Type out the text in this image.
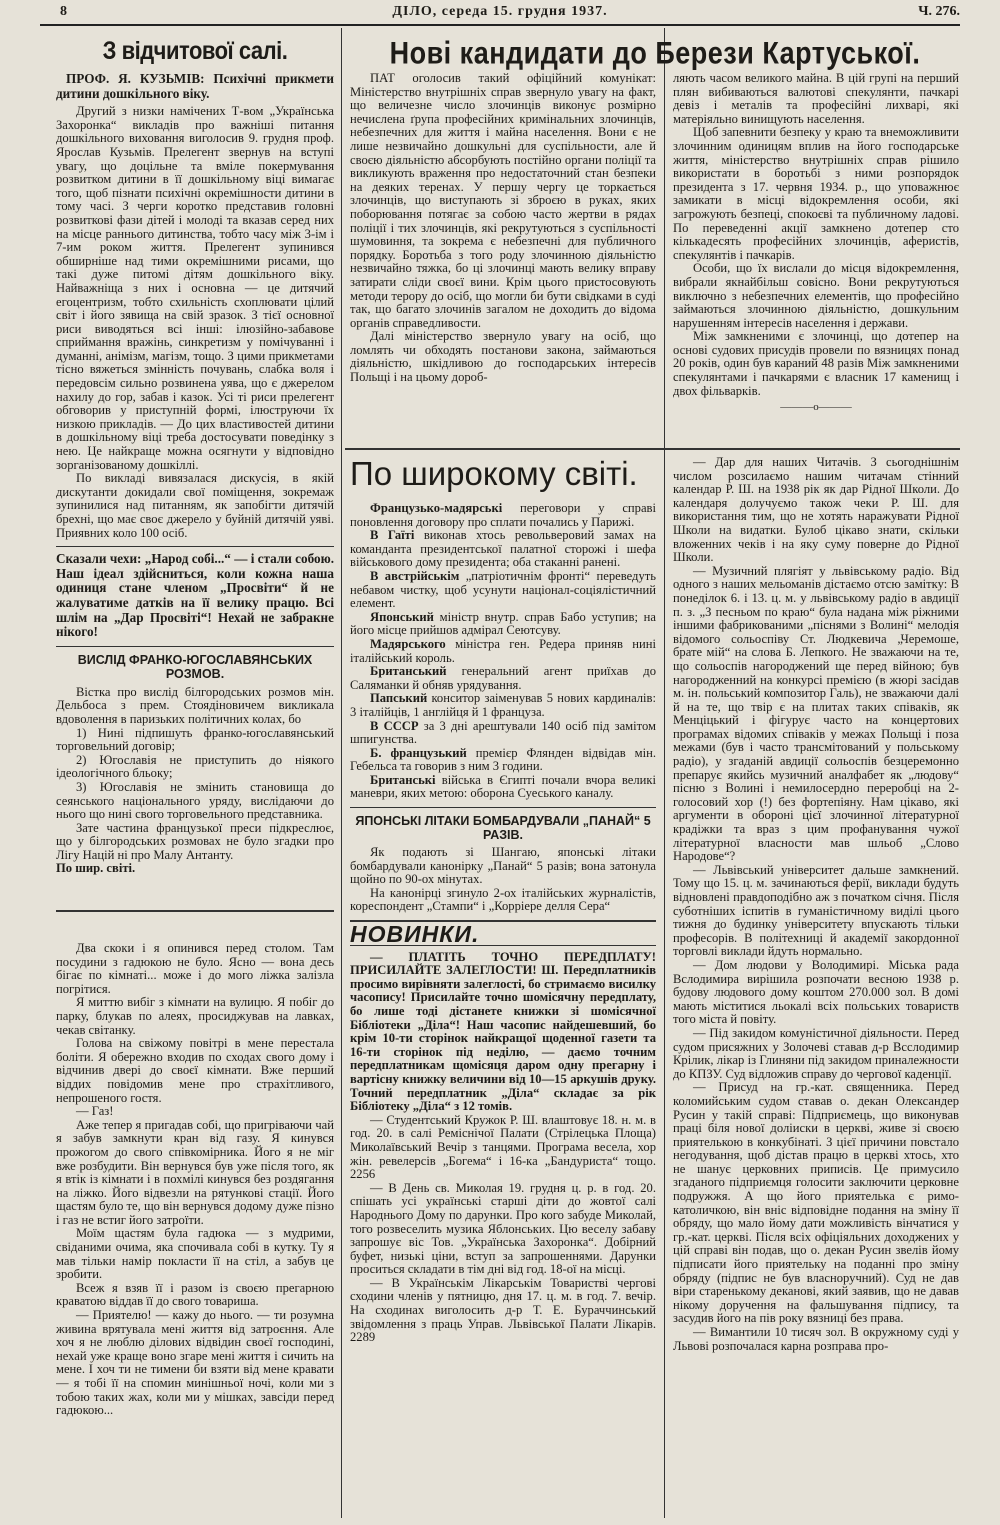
8	ДІЛО, середа 15. грудня 1937.	Ч. 276.
З відчитової салі.

ПРОФ. Я. КУЗЬМІВ: Психічні прикмети дитини дошкільного віку.

Другий з низки намічених Т-вом „Українська Захоронка“ викладів про важніші питання дошкільного виховання виголосив 9. грудня проф. Ярослав Кузьмів. Прелегент звернув на вступі увагу, що доцільне та вміле покермування розвитком дитини в її дошкільному віці вимагає того, щоб пізнати психічні окремішности дитини в тому часі. З черги коротко представив головні розвиткові фази дітей і молоді та вказав серед них на місце раннього дитинства, тобто часу між 3-ім і 7-им роком життя. Прелегент зупинився обширніше над тими окремішними рисами, що такі дуже питомі дітям дошкільного віку. Найважніща з них і основна — це дитячий егоцентризм, тобто схильність схоплювати цілий світ і його зявища на свій зразок. З тієї основної риси виводяться всі інші: ілюзійно-забавове сприймання вражінь, синкретизм у помічуванні і думанні, анімізм, магізм, тощо. З цими прикметами тісно вяжеться змінність почувань, слабка воля і передовсім сильно розвинена уява, що є джерелом нахилу до гор, забав і казок. Усі ті риси прелегент обговорив у приступній формі, ілюструючи їх низкою прикладів. — До цих властивостей дитини в дошкільному віці треба достосувати поведінку з нею. Це найкраще можна осягнути у відповідно зорганізованому дошкіллі.

По викладі вивязалася дискусія, в якій дискутанти докидали свої поміщення, зокремаж зупинилися над питанням, як запобігти дитячій брехні, що має своє джерело у буйній дитячій уяві. Приявних коло 100 осіб.

Сказали чехи: „Народ собі...“ — і стали собою. Наш ідеал здійсниться, коли кожна наша одиниця стане членом „Просвіти“ й не жалуватиме датків на її велику працю. Всі шлім на „Дар Просвіті“! Нехай не забракне нікого!

ВИСЛІД ФРАНКО-ЮГОСЛАВЯНСЬКИХ РОЗМОВ.

Вістка про вислід білгородських розмов мін. Дельбоса з прем. Стоядіновичем викликала вдоволення в паризьких політичних колах, бо

1) Нині підпишуть франко-югославянський торговельний договір;

2) Югославія не приступить до ніякого ідеологічного бльоку;

3) Югославія не змінить становища до сеянського національного уряду, вислідаючи до нього що нині свого торговельного представника.

Зате частина французької преси підкреслює, що у білгородських розмовах не було згадки про Лігу Націй ні про Малу Антанту.

По шир. світі.

Два скоки і я опинився перед столом. Там посудини з гадюкою не було. Ясно — вона десь бігає по кімнаті... може і до мого ліжка залізла погрітися.

Я миттю вибіг з кімнати на вулицю. Я побіг до парку, блукав по алеях, просиджував на лавках, чекав світанку.

Голова на свіжому повітрі в мене перестала боліти. Я обережно входив по сходах свого дому і відчинив двері до своєї кімнати. Вже перший віддих повідомив мене про страхітливого, непрошеного гостя.

— Газ!

Аже тепер я пригадав собі, що пригріваючи чай я забув замкнути кран від газу. Я кинувся прожогом до свого співкомірника. Його я не міг вже розбудити. Він вернувся був уже після того, як я втік із кімнати і в похмілі кинувся без роздягання на ліжко. Його відвезли на рятункові стації. Його щастям було те, що він вернувся додому дуже пізно і газ не встиг його затроїти.

Моїм щастям була гадюка — з мудрими, свіданими очима, яка спочивала собі в кутку. Ту я мав тільки намір покласти її на стіл, а забув це зробити.

Всеж я взяв її і разом із своєю прегарною краватою віддав її до свого товариша.

— Приятелю! — кажу до нього. — ти розумна живина врятувала мені життя від затроєння. Але хоч я не люблю ділових відвідин своєї господині, нехай уже краще воно згаре мені життя і сичить на мене. І хоч ти не тимени би взяти від мене кравати — я тобі її на спомин минішньої ночі, коли ми з тобою таких жах, коли ми у мішках, завсіди перед гадюкою...

Нові кандидати до Берези Картуської.

ПАТ оголосив такий офіційний комунікат: Міністерство внутрішніх справ звернуло увагу на факт, що величезне число злочинців виконує розмірно нечислена ґрупа професійних кримінальних злочинців, небезпечних для життя і майна населення. Вони є не лише незвичайно дошкульні для суспільности, але й своєю діяльністю абсорбують постійно органи поліції та викликують враження про недостаточний стан безпеки на деяких теренах. У першу чергу це торкається злочинців, що виступають зі зброєю в руках, яких поборювання потягає за собою часто жертви в рядах поліції і тих злочинців, які рекрутуються з суспільності шумовиння, та зокрема є небезпечні для публичного порядку. Боротьба з того роду злочинною діяльністю незвичайно тяжка, бо ці злочинці мають велику вправу затирати сліди своєї вини. Крім цього пристосовують методи терору до осіб, що могли би бути свідками в суді так, що багато злочинів загалом не доходить до відома органів справедливости.

Далі міністерство звернуло увагу на осіб, що ломлять чи обходять постанови закона, займаються діяльністю, шкідливою до господарських інтересів Польщі і на цьому дороб-

ляють часом великого майна. В цій групі на перший плян вибиваються валютові спекулянти, пачкарі девіз і металів та професійні лихварі, які матеріяльно винищують населення.

Щоб запевнити безпеку у краю та внеможливити злочинним одиницям вплив на його господарське життя, міністерство внутрішніх справ рішило використати в боротьбі з ними розпорядок президента з 17. червня 1934. р., що уповажнює замикати в місці відокремлення особи, які загрожують безпеці, спокоєві та публичному ладові. По переведенні акції замкнено дотепер сто кількадесять професійних злочинців, аферистів, спекулянтів і пачкарів.

Особи, що їх вислали до місця відокремлення, вибрали якнайбільш совісно. Вони рекрутуються виключно з небезпечних елементів, що професійно займаються злочинною діяльністю, дошкульним нарушенням інтересів населення і держави.

Між замкненими є злочинці, що дотепер на основі судових присудів провели по вязницях понад 20 років, один був караний 48 разів Між замкненими спекулянтами і пачкарями є власник 17 каменищ і двох фільварків.

———o———
По широкому світі.

Французько-мадярські переговори у справі поновлення договору про сплати почались у Парижі.

В Гаїті виконав хтось револьверовий замах на команданта президентської палатної сторожі і шефа військового дому президента; оба стаканні ранені.

В австрійськім „патріотичнім фронті“ переведуть небавом чистку, щоб усунути націонал-соціялістичний елемент.

Японський міністр внутр. справ Бабо уступив; на його місце прийшов адмірал Сеютсуву.

Мадярського міністра ген. Редера приняв нині італійський король.

Британський генеральний агент приїхав до Саляманки й обняв урядування.

Папський конситор заіменував 5 нових кардиналів: 3 італійців, 1 англійця й 1 француза.

В СССР за 3 дні арештували 140 осіб під замітом шпигунства.

Б. французький премієр Флянден відвідав мін. Гебельса та говорив з ним 3 години.

Британські війська в Єгипті почали вчора великі маневри, яких метою: оборона Суеського каналу.

ЯПОНСЬКІ ЛІТАКИ БОМБАРДУВАЛИ „ПАНАЙ“ 5 РАЗІВ.

Як подають зі Шангаю, японські літаки бомбардували канонірку „Панай“ 5 разів; вона затонула щойно по 90-ох мінутах.

На канонірці згинуло 2-ох італійських журналістів, кореспондент „Стампи“ і „Корріере делля Сера“

НОВИНКИ.

— ПЛАТІТЬ ТОЧНО ПЕРЕДПЛАТУ! ПРИСИЛАЙТЕ ЗАЛЕГЛОСТИ! Ш. Передплатників просимо вирівняти залеглості, бо стримаємо висилку часопису! Присилайте точно шомісячну передплату, бо лише тоді дістанете книжки зі шомісячної Бібліотеки „Діла“! Наш часопис найдешевший, бо крім 10-ти сторінок найкращої щоденної газети та 16-ти сторінок під неділю, — даємо точним передплатникам щомісяця даром одну прегарну і вартісну книжку величини від 10—15 аркушів друку. Точний передплатник „Діла“ складає за рік Бібліотеку „Діла“ з 12 томів.

— Студентський Кружок Р. Ш. влаштовує 18. н. м. в год. 20. в салі Реміснічої Палати (Стрілецька Площа) Миколаївський Вечір з танцями. Програма весела, хор жін. ревелерсів „Богема“ і 16-ка „Бандуриста“ тощо. 2256

— В День св. Миколая 19. грудня ц. р. в год. 20. спішать усі українські старші діти до жовтої салі Народнього Дому по дарунки. Про кого забуде Миколай, того розвеселить музика Яблонських. Цю веселу забаву запрошує віс Тов. „Українська Захоронка“. Добірний буфет, низькі ціни, вступ за запрошеннями. Дарунки проситься складати в тім дні від год. 18-ої на місці.

— В Українськім Лікарськім Товаристві чергові сходини членів у пятницю, дня 17. ц. м. в год. 7. вечір. На сходинах виголосить д-р Т. Е. Бураччинський звідомлення з праць Управ. Львівської Палати Лікарів. 2289

— Дар для наших Читачів. З сьогоднішнім числом розсилаємо нашим читачам стінний календар Р. Ш. на 1938 рік як дар Рідної Школи. До календаря долучуємо також чеки Р. Ш. для використання тим, що не хотять наражувати Рідної Школи на видатки. Булоб цікаво знати, скільки вложенних чеків і на яку суму поверне до Рідної Школи.

— Музичний плягіят у львівському радіо. Від одного з наших мельоманів дістаємо отсю замітку: В понеділок 6. і 13. ц. м. у львівському радіо в авдиції п. з. „З песньом по краю“ була надана між ріжними іншими фабрикованими „піснями з Волині“ мелодія відомого сольоспіву Ст. Людкевича „Черемоше, брате мій“ на слова Б. Лепкого. Не зважаючи на те, що сольоспів нагороджений ще перед війною; був нагородженний на конкурсі премією (в жюрі засідав м. ін. польський композитор Галь), не зважаючи далі й на те, що твір є на плитах таких співаків, як Менціцький і фігурує часто на концертових програмах відомих співаків у межах Польщі і поза межами (був і часто трансмітований у польському радіо), у згаданій авдиції сольоспів безцеремонно препарує якийсь музичний аналфабет як „людову“ пісню з Волині і немилосердно переробці на 2-голосовий хор (!) без фортепіяну. Нам цікаво, які аргументи в обороні цієї злочинної літературної крадіжки та враз з цим профанування чужої літературної власности мав шльоб „Слово Народове“?

— Львівський університет дальше замкнений. Тому що 15. ц. м. зачинаються ферії, виклади будуть відновлені правдоподібно аж з початком січня. Після суботніших іспитів в гуманістичному виділі цього тижня до будинку університету впускають тільки професорів. В політехниці й академії закордонної торговлі виклади йдуть нормально.

— Дом людови у Володимирі. Міська рада Вслодимира вирішила розпочати весною 1938 р. будову людового дому коштом 270.000 зол. В домі мають міститися льокалі всіх польських товариств того міста й повіту.

— Під закидом комуністичної діяльности. Перед судом присяжних у Золочеві ставав д-р Всслодимир Крілик, лікар із Глиняни під закидом приналежности до КПЗУ. Суд відложив справу до чергової каденції.

— Присуд на гр.-кат. священника. Перед коломийським судом ставав о. декан Олександер Русин у такій справі: Підприємець, що виконував праці біля нової доліиски в церкві, живе зі своєю приятелькою в конкубінаті. З цієї причини повстало негодування, щоб дістав працю в церкві хтось, хто не шанує церковних приписів. Це примусило згаданого підприємця голосити заключити церковне подружжя. А що його приятелька є римо-католичкою, він вніс відповідне подання на зміну її обряду, що мало йому дати можливість вінчатися у гр.-кат. церкві. Після всіх офіціяльних доходжених у цій справі він подав, що о. декан Русин звелів йому підписати його приятельку на поданні про зміну обряду (підпис не був власноручний). Суд не дав віри старенькому деканові, який заявив, що не давав нікому доручення на фальшування підпису, та засудив його на пів року вязниці без права.

— Вимантили 10 тисяч зол. В окружному суді у Львові розпочалася карна розправа про-
